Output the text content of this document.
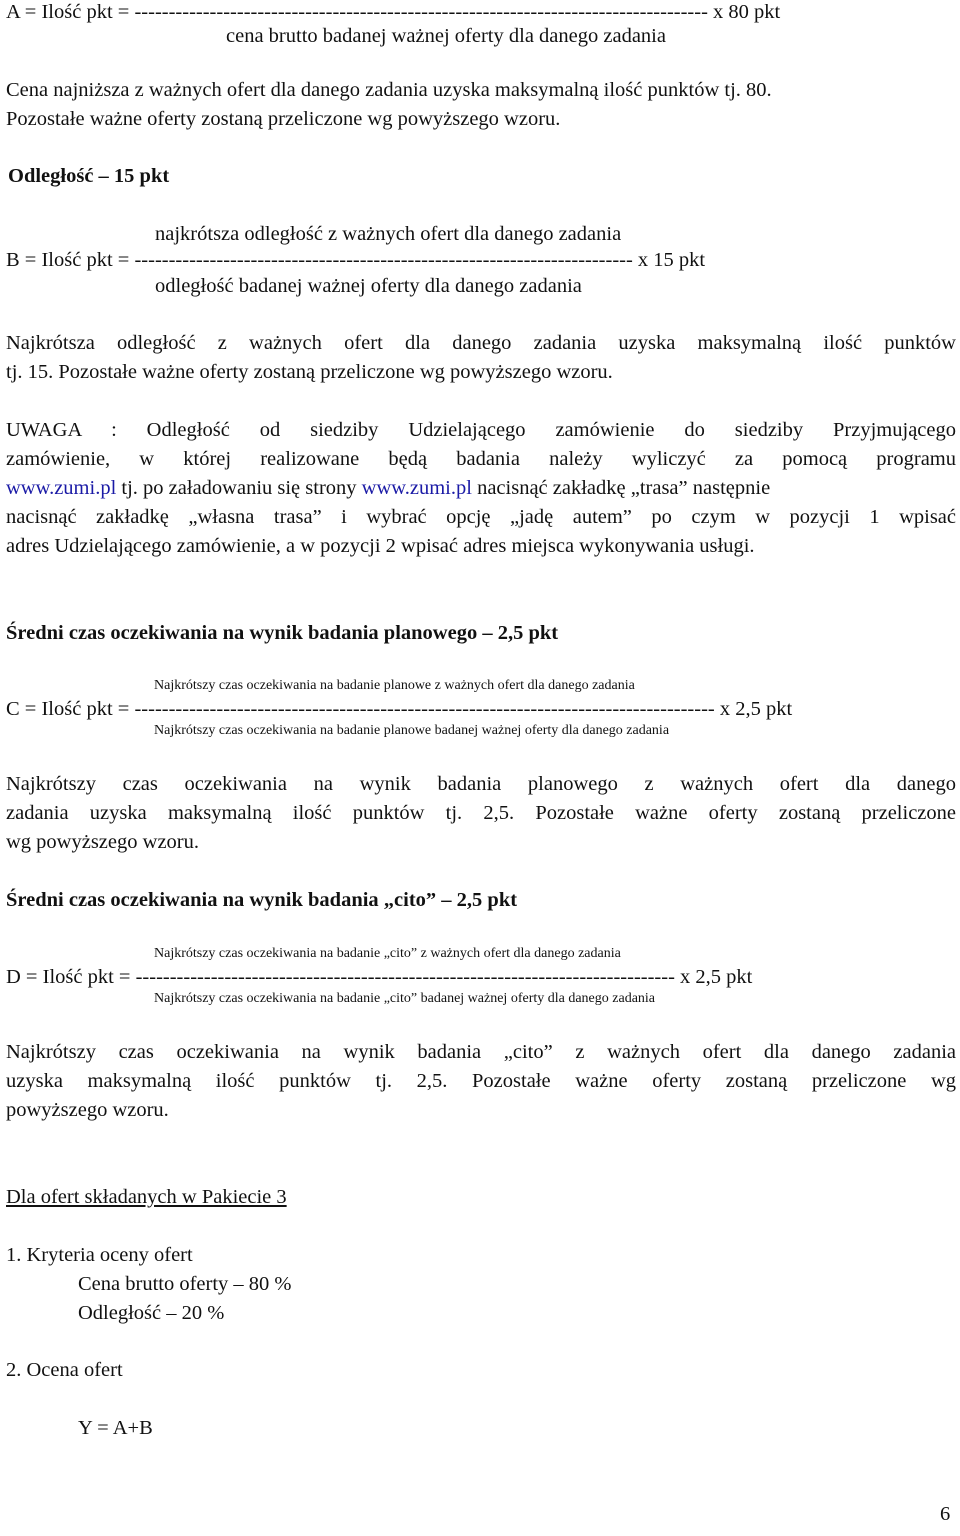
A = Ilość pkt = ------------------------------------------------------------------------------------ x 80 pkt
cena brutto badanej ważnej oferty dla danego zadania
Cena najniższa z ważnych ofert dla danego zadania uzyska maksymalną ilość punktów tj. 80.
Pozostałe ważne oferty zostaną przeliczone wg powyższego wzoru.
Odległość – 15 pkt
najkrótsza odległość z ważnych ofert dla danego zadania
B = Ilość pkt = ------------------------------------------------------------------------- x 15 pkt
odległość badanej ważnej oferty dla danego zadania
Najkrótsza odległość z ważnych ofert dla danego zadania uzyska maksymalną ilość punktów
tj. 15. Pozostałe ważne oferty zostaną przeliczone wg powyższego wzoru.
UWAGA : Odległość od siedziby Udzielającego zamówienie do siedziby Przyjmującego
zamówienie, w której realizowane będą badania należy wyliczyć za pomocą programu
www.zumi.pl tj. po załadowaniu się strony www.zumi.pl nacisnąć zakładkę „trasa” następnie
nacisnąć zakładkę „własna trasa” i wybrać opcję „jadę autem” po czym w pozycji 1 wpisać
adres Udzielającego zamówienie, a w pozycji 2 wpisać adres miejsca wykonywania usługi.
Średni czas oczekiwania na wynik badania planowego – 2,5 pkt
Najkrótszy czas oczekiwania na badanie planowe z ważnych ofert dla danego zadania
C = Ilość pkt = ------------------------------------------------------------------------------------- x 2,5 pkt
Najkrótszy czas oczekiwania na badanie planowe badanej ważnej oferty dla danego zadania
Najkrótszy czas oczekiwania na wynik badania planowego z ważnych ofert dla danego
zadania uzyska maksymalną ilość punktów tj. 2,5. Pozostałe ważne oferty zostaną przeliczone
wg powyższego wzoru.
Średni czas oczekiwania na wynik badania „cito” – 2,5 pkt
Najkrótszy czas oczekiwania na badanie „cito” z ważnych ofert dla danego zadania
D = Ilość pkt = ------------------------------------------------------------------------------- x 2,5 pkt
Najkrótszy czas oczekiwania na badanie „cito” badanej ważnej oferty dla danego zadania
Najkrótszy czas oczekiwania na wynik badania „cito” z ważnych ofert dla danego zadania
uzyska maksymalną ilość punktów tj. 2,5. Pozostałe ważne oferty zostaną przeliczone wg
powyższego wzoru.
Dla ofert składanych w Pakiecie 3
1. Kryteria oceny ofert
Cena brutto oferty – 80 %
Odległość – 20 %
2. Ocena ofert
Y = A+B
6
